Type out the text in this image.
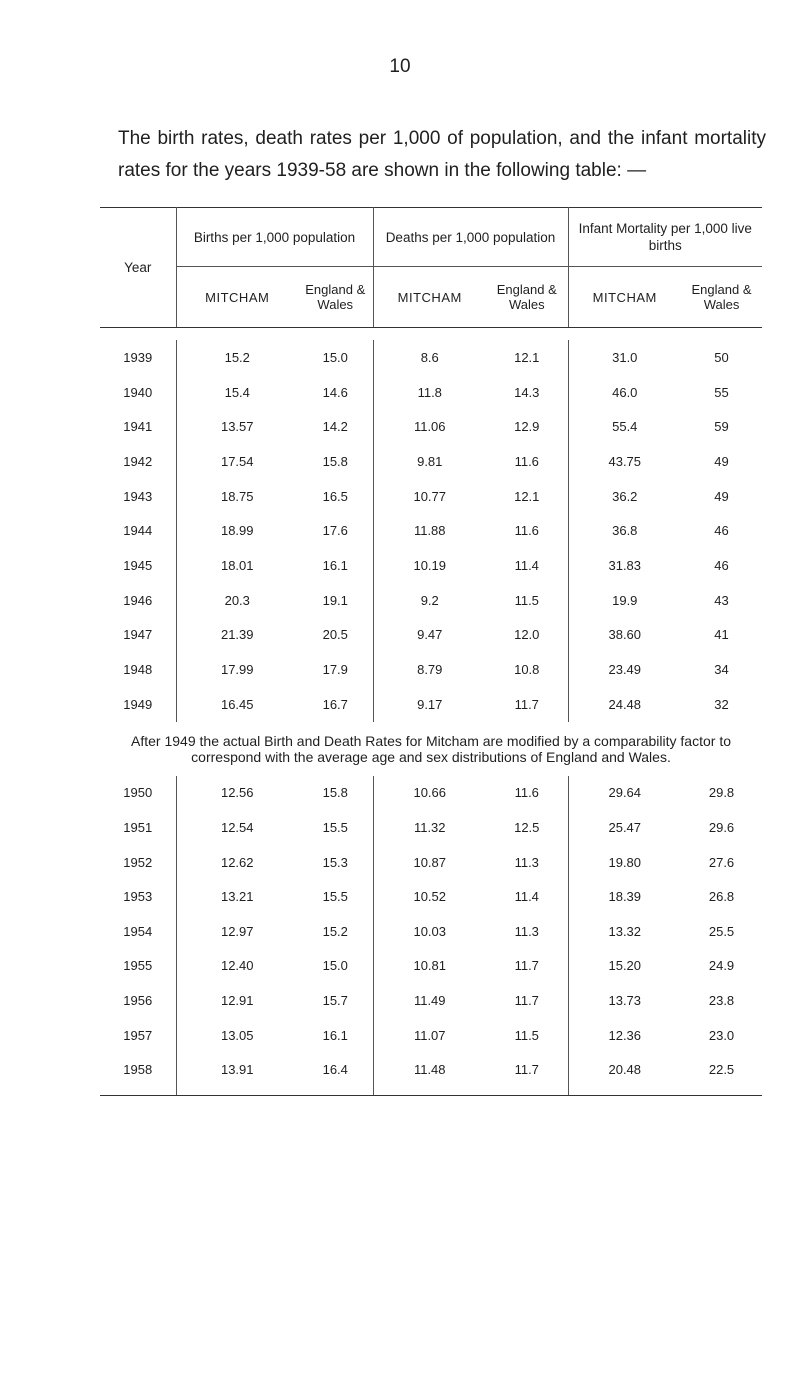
10

The birth rates, death rates per 1,000 of population, and the infant mortality rates for the years 1939-58 are shown in the following table: —

Year	Births per 1,000 population		Deaths per 1,000 population		Infant Mortality per 1,000 live births	
	MITCHAM	England & Wales	MITCHAM	England & Wales	MITCHAM	England & Wales

1939	15.2	15.0	8.6	12.1	31.0	50
1940	15.4	14.6	11.8	14.3	46.0	55
1941	13.57	14.2	11.06	12.9	55.4	59
1942	17.54	15.8	9.81	11.6	43.75	49
1943	18.75	16.5	10.77	12.1	36.2	49
1944	18.99	17.6	11.88	11.6	36.8	46
1945	18.01	16.1	10.19	11.4	31.83	46
1946	20.3	19.1	9.2	11.5	19.9	43
1947	21.39	20.5	9.47	12.0	38.60	41
1948	17.99	17.9	8.79	10.8	23.49	34
1949	16.45	16.7	9.17	11.7	24.48	32
After 1949 the actual Birth and Death Rates for Mitcham are modified by a comparability factor to correspond with the average age and sex distributions of England and Wales.						
1950	12.56	15.8	10.66	11.6	29.64	29.8
1951	12.54	15.5	11.32	12.5	25.47	29.6
1952	12.62	15.3	10.87	11.3	19.80	27.6
1953	13.21	15.5	10.52	11.4	18.39	26.8
1954	12.97	15.2	10.03	11.3	13.32	25.5
1955	12.40	15.0	10.81	11.7	15.20	24.9
1956	12.91	15.7	11.49	11.7	13.73	23.8
1957	13.05	16.1	11.07	11.5	12.36	23.0
1958	13.91	16.4	11.48	11.7	20.48	22.5
